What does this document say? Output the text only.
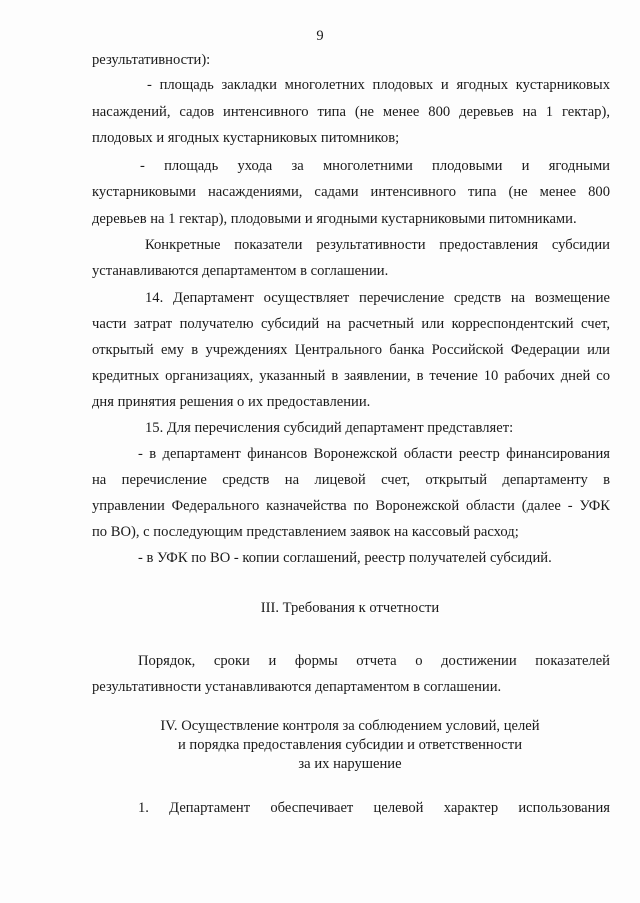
9
результативности):
- площадь закладки многолетних плодовых и ягодных кустарниковых
насаждений, садов интенсивного типа (не менее 800 деревьев на 1 гектар),
плодовых и ягодных кустарниковых питомников;
- площадь ухода за многолетними плодовыми и ягодными
кустарниковыми насаждениями, садами интенсивного типа (не менее 800
деревьев на 1 гектар), плодовыми и ягодными кустарниковыми питомниками.
Конкретные показатели результативности предоставления субсидии
устанавливаются департаментом в соглашении.
14. Департамент осуществляет перечисление средств на возмещение
части затрат получателю субсидий на расчетный или корреспондентский счет,
открытый ему в учреждениях Центрального банка Российской Федерации или
кредитных организациях, указанный в заявлении, в течение 10 рабочих дней со
дня принятия решения о их предоставлении.
15. Для перечисления субсидий департамент представляет:
- в департамент финансов Воронежской области реестр финансирования
на перечисление средств на лицевой счет, открытый департаменту в
управлении Федерального казначейства по Воронежской области (далее - УФК
по ВО), с последующим представлением заявок на кассовый расход;
- в УФК по ВО - копии соглашений, реестр получателей субсидий.
III. Требования к отчетности
Порядок, сроки и формы отчета о достижении показателей
результативности устанавливаются департаментом в соглашении.
IV. Осуществление контроля за соблюдением условий, целей
и порядка предоставления субсидии и ответственности
за их нарушение
1. Департамент обеспечивает целевой характер использования
